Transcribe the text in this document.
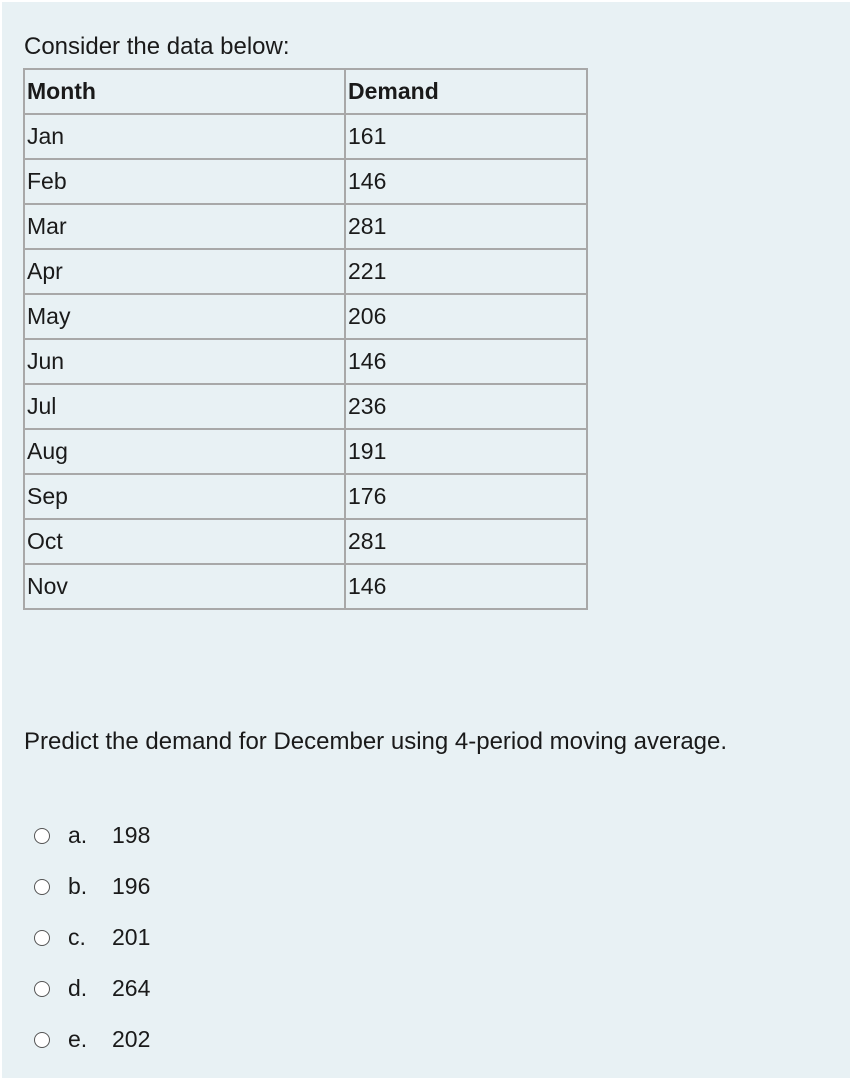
Consider the data below:

Month	Demand
Jan	161
Feb	146
Mar	281
Apr	221
May	206
Jun	146
Jul	236
Aug	191
Sep	176
Oct	281
Nov	146

Predict the demand for December using 4-period moving average.

a.	198
b.	196
c.	201
d.	264
e.	202
